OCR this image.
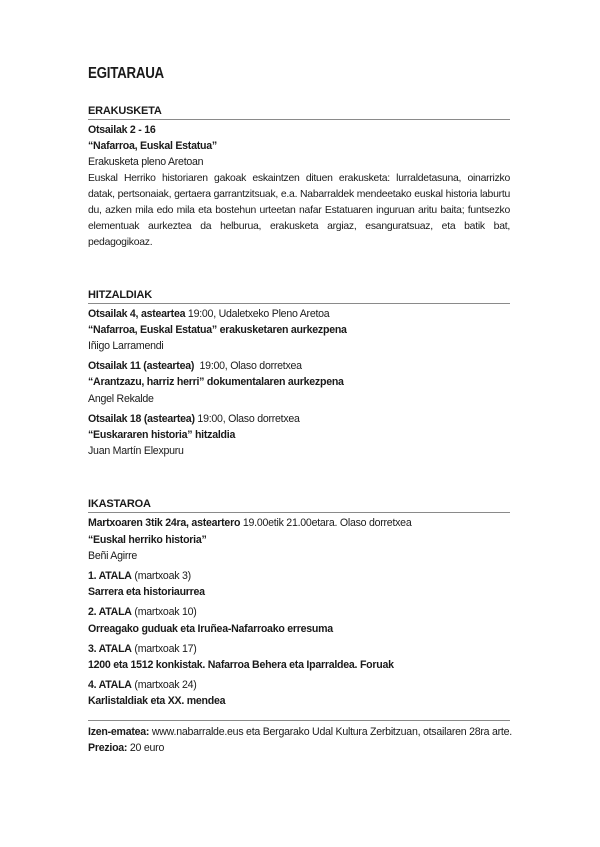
EGITARAUA
ERAKUSKETA
Otsailak 2 - 16
“Nafarroa, Euskal Estatua”
Erakusketa pleno Aretoan
Euskal Herriko historiaren gakoak eskaintzen dituen erakusketa: lurraldetasuna, oinarrizko datak, pertsonaiak, gertaera garrantzitsuak, e.a. Nabarraldek mendeetako euskal historia laburtu du, azken mila edo mila eta bostehun urteetan nafar Estatuaren inguruan aritu baita; funtsezko elementuak aurkeztea da helburua, erakusketa argiaz, esanguratsuaz, eta batik bat, pedagogikoaz.
HITZALDIAK
Otsailak 4, asteartea 19:00, Udaletxeko Pleno Aretoa
“Nafarroa, Euskal Estatua” erakusketaren aurkezpena
Iñigo Larramendi
Otsailak 11 (asteartea)  19:00, Olaso dorretxea
“Arantzazu, harriz herri” dokumentalaren aurkezpena
Angel Rekalde
Otsailak 18 (asteartea) 19:00, Olaso dorretxea
“Euskararen historia” hitzaldia
Juan Martín Elexpuru
IKASTAROA
Martxoaren 3tik 24ra, asteartero 19.00etik 21.00etara. Olaso dorretxea
“Euskal herriko historia”
Beñi Agirre
1. ATALA (martxoak 3)
Sarrera eta historiaurrea
2. ATALA (martxoak 10)
Orreagako guduak eta Iruñea-Nafarroako erresuma
3. ATALA (martxoak 17)
1200 eta 1512 konkistak. Nafarroa Behera eta Iparraldea. Foruak
4. ATALA (martxoak 24)
Karlistaldiak eta XX. mendea
Izen-ematea: www.nabarralde.eus eta Bergarako Udal Kultura Zerbitzuan, otsailaren 28ra arte.
Prezioa: 20 euro
